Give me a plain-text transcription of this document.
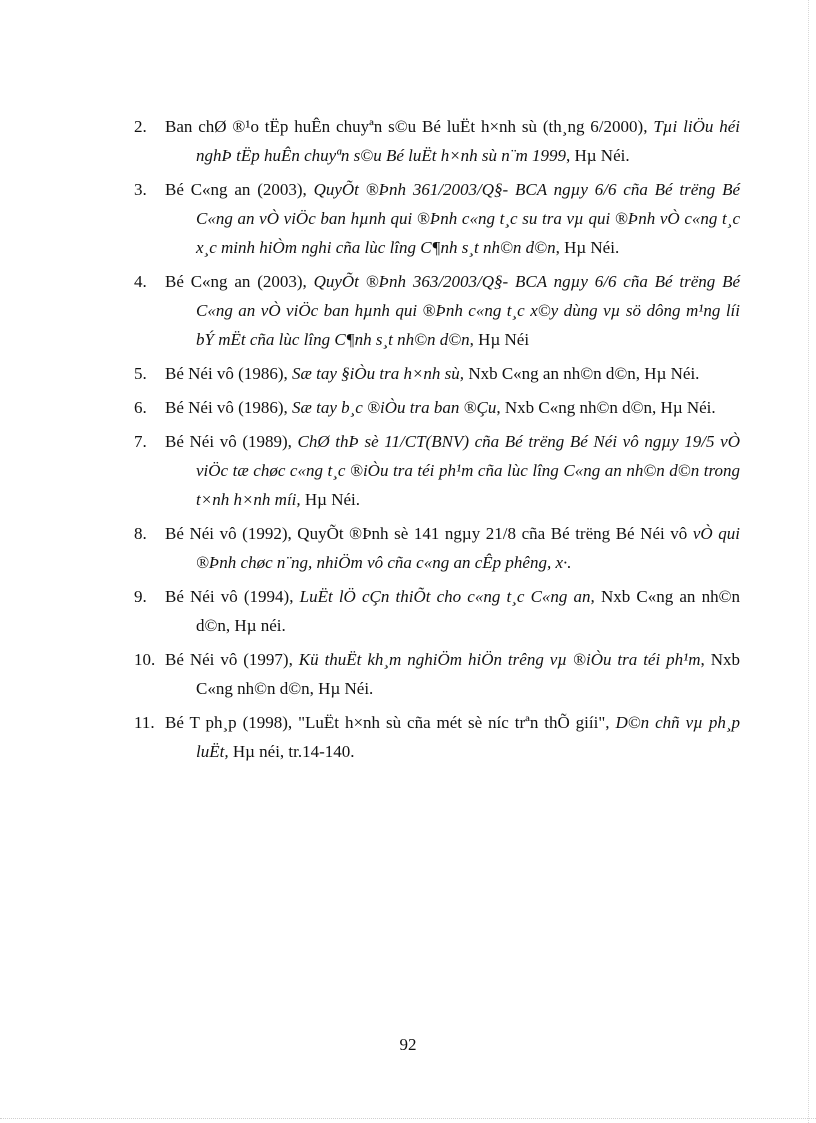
2.	Ban chØ ®¹o tËp huÊn chuyªn s©u Bé luËt h×nh sù (th¸ng 6/2000), Tµi liÖu héi nghÞ tËp huÊn chuyªn s©u Bé luËt h×nh sù n¨m 1999, Hµ Néi.
3.	Bé C«ng an (2003), QuyÕt ®Þnh 361/2003/Q§- BCA ngµy 6/6 cña Bé trëng Bé C«ng an vÒ viÖc ban hµnh qui ®Þnh c«ng t¸c su tra vµ qui ®Þnh vÒ c«ng t¸c x¸c minh hiÒm nghi cña lùc lîng C¶nh s¸t nh©n d©n, Hµ Néi.
4.	Bé C«ng an (2003), QuyÕt ®Þnh 363/2003/Q§- BCA ngµy 6/6 cña Bé trëng Bé C«ng an vÒ viÖc ban hµnh qui ®Þnh c«ng t¸c x©y dùng vµ sö dông m¹ng líi bÝ mËt cña lùc lîng C¶nh s¸t nh©n d©n, Hµ Néi
5.	Bé Néi vô (1986), Sæ tay §iÒu tra h×nh sù, Nxb C«ng an nh©n d©n, Hµ Néi.
6.	Bé Néi vô (1986), Sæ tay b¸c ®iÒu tra ban ®Çu, Nxb C«ng nh©n d©n, Hµ Néi.
7.	Bé Néi vô (1989), ChØ thÞ sè 11/CT(BNV) cña Bé trëng Bé Néi vô ngµy 19/5 vÒ viÖc tæ chøc c«ng t¸c ®iÒu tra téi ph¹m cña lùc lîng C«ng an nh©n d©n trong t×nh h×nh míi, Hµ Néi.
8.	Bé Néi vô (1992), QuyÕt ®Þnh sè 141 ngµy 21/8 cña Bé trëng Bé Néi vô vÒ qui ®Þnh chøc n¨ng, nhiÖm vô cña c«ng an cÊp phêng, x·.
9.	Bé Néi vô (1994), LuËt lÖ cÇn thiÕt cho c«ng t¸c C«ng an, Nxb C«ng an nh©n d©n, Hµ néi.
10. Bé Néi vô (1997), Kü thuËt kh¸m nghiÖm hiÖn trêng vµ ®iÒu tra téi ph¹m, Nxb C«ng nh©n d©n, Hµ Néi.
11. Bé T ph¸p (1998), "LuËt h×nh sù cña mét sè níc trªn thÕ giíi", D©n chñ vµ ph¸p luËt, Hµ néi, tr.14-140.
92
